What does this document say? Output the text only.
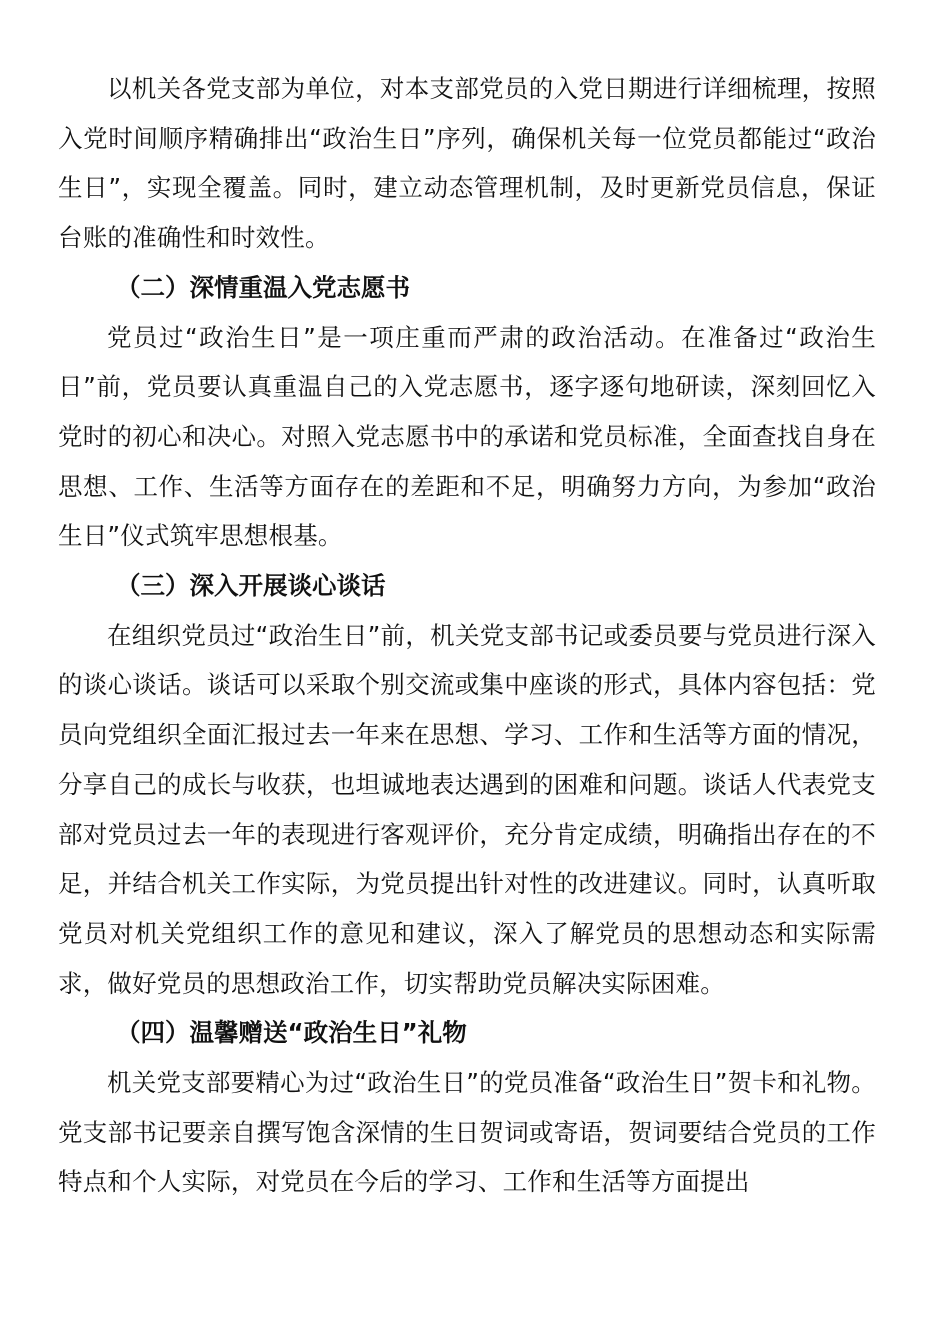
以机关各党支部为单位，对本支部党员的入党日期进行详细梳理，按照入党时间顺序精确排出“政治生日”序列，确保机关每一位党员都能过“政治生日”，实现全覆盖。同时，建立动态管理机制，及时更新党员信息，保证台账的准确性和时效性。

（二）深情重温入党志愿书

党员过“政治生日”是一项庄重而严肃的政治活动。在准备过“政治生日”前，党员要认真重温自己的入党志愿书，逐字逐句地研读，深刻回忆入党时的初心和决心。对照入党志愿书中的承诺和党员标准，全面查找自身在思想、工作、生活等方面存在的差距和不足，明确努力方向，为参加“政治生日”仪式筑牢思想根基。

（三）深入开展谈心谈话

在组织党员过“政治生日”前，机关党支部书记或委员要与党员进行深入的谈心谈话。谈话可以采取个别交流或集中座谈的形式，具体内容包括：党员向党组织全面汇报过去一年来在思想、学习、工作和生活等方面的情况，分享自己的成长与收获，也坦诚地表达遇到的困难和问题。谈话人代表党支部对党员过去一年的表现进行客观评价，充分肯定成绩，明确指出存在的不足，并结合机关工作实际，为党员提出针对性的改进建议。同时，认真听取党员对机关党组织工作的意见和建议，深入了解党员的思想动态和实际需求，做好党员的思想政治工作，切实帮助党员解决实际困难。

（四）温馨赠送“政治生日”礼物

机关党支部要精心为过“政治生日”的党员准备“政治生日”贺卡和礼物。党支部书记要亲自撰写饱含深情的生日贺词或寄语，贺词要结合党员的工作特点和个人实际，对党员在今后的学习、工作和生活等方面提出
